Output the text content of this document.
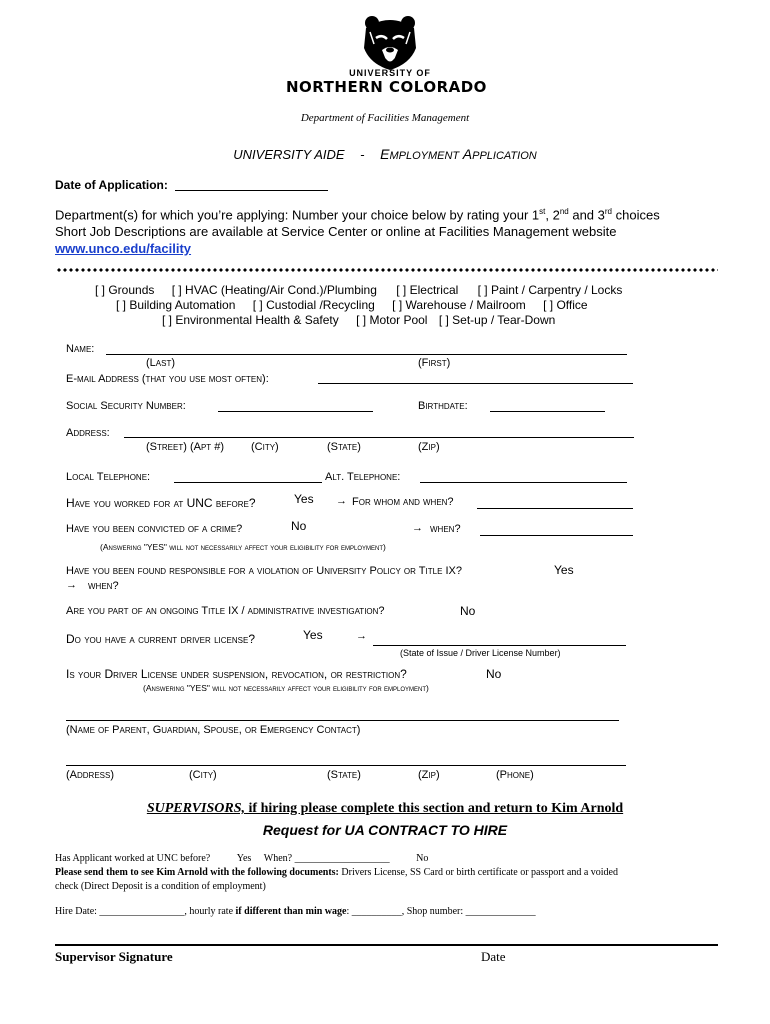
UNIVERSITY OF
NORTHERN COLORADO
Department of Facilities Management
UNIVERSITY AIDE - EMPLOYMENT APPLICATION
Date of Application:
Department(s) for which you’re applying: Number your choice below by rating your 1st, 2nd and 3rd choices
Short Job Descriptions are available at Service Center or online at Facilities Management website
www.unco.edu/facility
[ ] Grounds [ ] HVAC (Heating/Air Cond.)/Plumbing [ ] Electrical [ ] Paint / Carpentry / Locks
[ ] Building Automation [ ] Custodial /Recycling [ ] Warehouse / Mailroom [ ] Office
[ ] Environmental Health & Safety [ ] Motor Pool [ ] Set-up / Tear-Down
Name:
(Last)	(First)
E-mail Address (that you use most often):
Social Security Number:	Birthdate:
Address:
(Street) (Apt #) (City)	(State)	(Zip)
Local Telephone:	Alt. Telephone:
Have you worked for at UNC before?	Yes → For whom and when?
Have you been convicted of a crime?	No	→ when?
(Answering "YES" will not necessarily affect your eligibility for employment)
Have you been found responsible for a violation of University Policy or Title IX?	Yes
→ when?
Are you part of an ongoing Title IX / administrative investigation?	No
Do you have a current driver license?	Yes	→
(State of Issue / Driver License Number)
Is your Driver License under suspension, revocation, or restriction?	No
(Answering "YES" will not necessarily affect your eligibility for employment)
(Name of Parent, Guardian, Spouse, or Emergency Contact)
(Address)	(City)	(State)	(Zip)	(Phone)
SUPERVISORS, if hiring please complete this section and return to Kim Arnold
Request for UA CONTRACT TO HIRE
Has Applicant worked at UNC before?	Yes When? ___________________	No
Please send them to see Kim Arnold with the following documents: Drivers License, SS Card or birth certificate or passport and a voided
check (Direct Deposit is a condition of employment)
Hire Date: _________________, hourly rate if different than min wage: __________, Shop number: ______________
Supervisor Signature	Date
